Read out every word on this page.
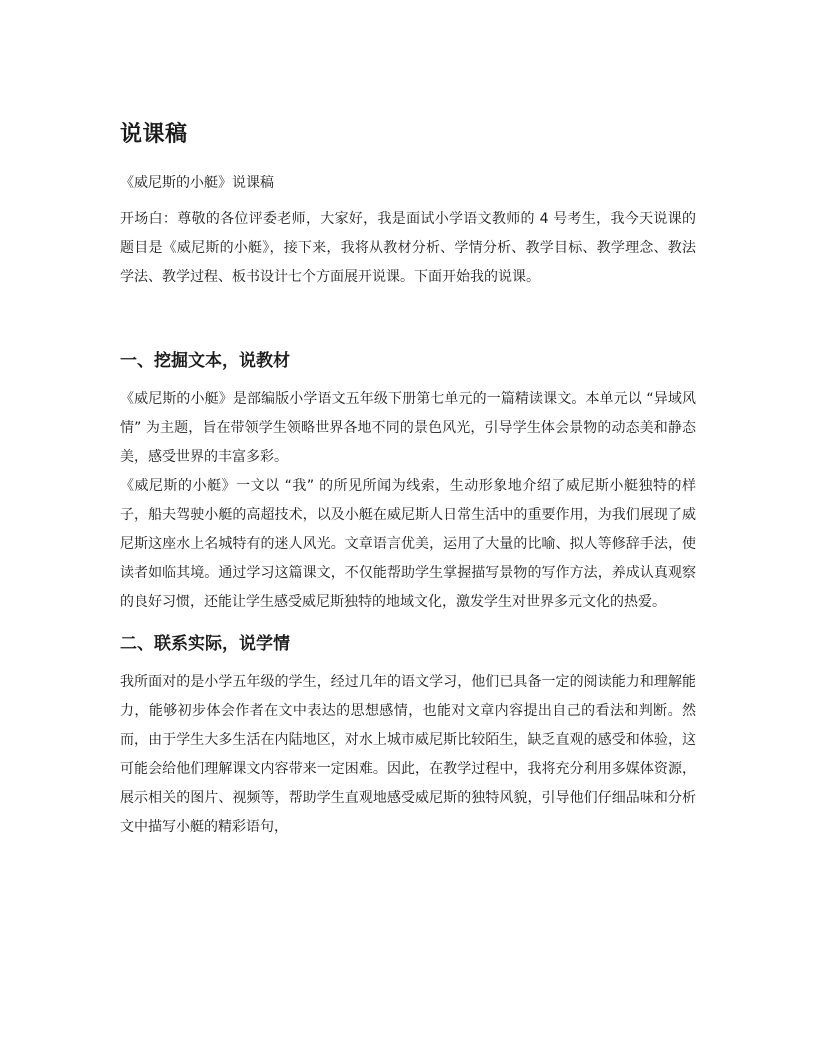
说课稿

《威尼斯的小艇》说课稿

开场白：尊敬的各位评委老师，大家好，我是面试小学语文教师的 4 号考生，我今天说课的题目是《威尼斯的小艇》，接下来，我将从教材分析、学情分析、教学目标、教学理念、教法学法、教学过程、板书设计七个方面展开说课。下面开始我的说课。

一、挖掘文本，说教材

《威尼斯的小艇》是部编版小学语文五年级下册第七单元的一篇精读课文。本单元以 “异域风情” 为主题，旨在带领学生领略世界各地不同的景色风光，引导学生体会景物的动态美和静态美，感受世界的丰富多彩。

《威尼斯的小艇》一文以 “我” 的所见所闻为线索，生动形象地介绍了威尼斯小艇独特的样子，船夫驾驶小艇的高超技术，以及小艇在威尼斯人日常生活中的重要作用，为我们展现了威尼斯这座水上名城特有的迷人风光。文章语言优美，运用了大量的比喻、拟人等修辞手法，使读者如临其境。通过学习这篇课文，不仅能帮助学生掌握描写景物的写作方法，养成认真观察的良好习惯，还能让学生感受威尼斯独特的地域文化，激发学生对世界多元文化的热爱。

二、联系实际，说学情

我所面对的是小学五年级的学生，经过几年的语文学习，他们已具备一定的阅读能力和理解能力，能够初步体会作者在文中表达的思想感情，也能对文章内容提出自己的看法和判断。然而，由于学生大多生活在内陆地区，对水上城市威尼斯比较陌生，缺乏直观的感受和体验，这可能会给他们理解课文内容带来一定困难。因此，在教学过程中，我将充分利用多媒体资源，展示相关的图片、视频等，帮助学生直观地感受威尼斯的独特风貌，引导他们仔细品味和分析文中描写小艇的精彩语句，
